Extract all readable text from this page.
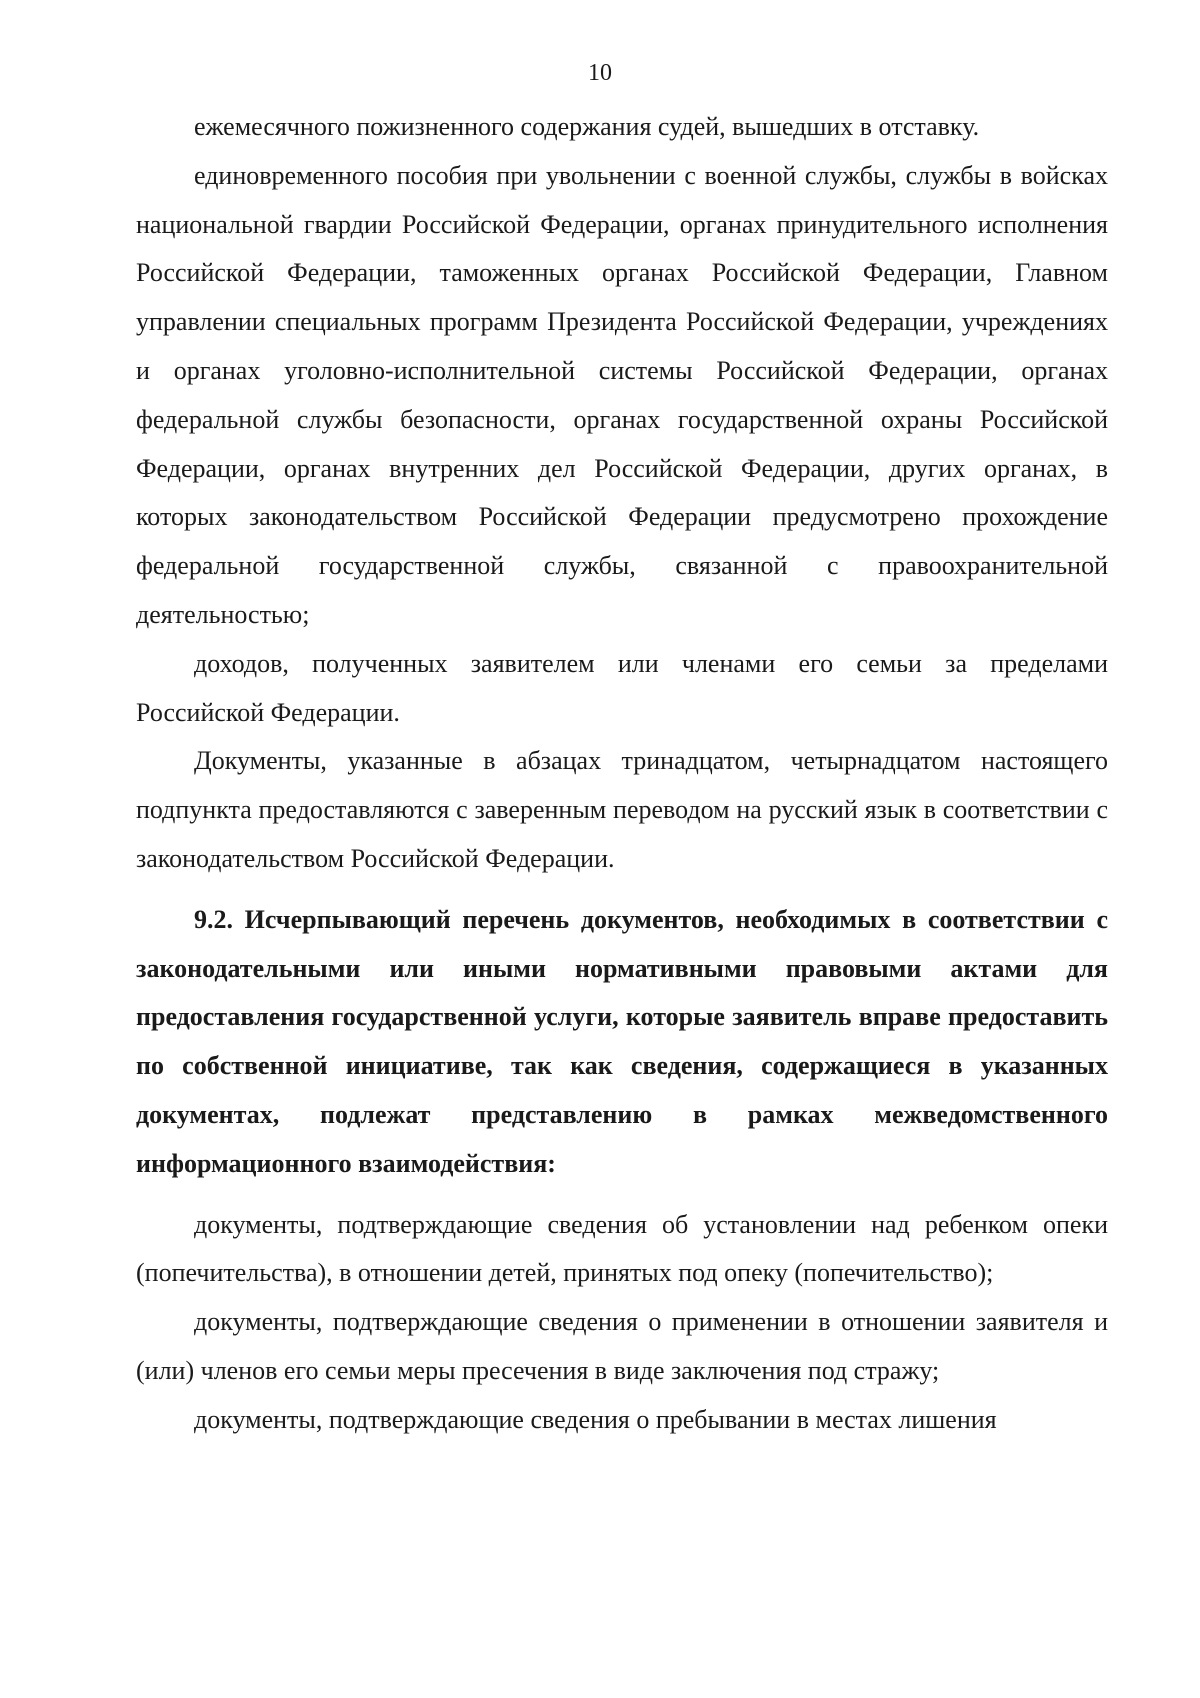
10

ежемесячного пожизненного содержания судей, вышедших в отставку.

единовременного пособия при увольнении с военной службы, службы в войсках национальной гвардии Российской Федерации, органах принудительного исполнения Российской Федерации, таможенных органах Российской Федерации, Главном управлении специальных программ Президента Российской Федерации, учреждениях и органах уголовно-исполнительной системы Российской Федерации, органах федеральной службы безопасности, органах государственной охраны Российской Федерации, органах внутренних дел Российской Федерации, других органах, в которых законодательством Российской Федерации предусмотрено прохождение федеральной государственной службы, связанной с правоохранительной деятельностью;

доходов, полученных заявителем или членами его семьи за пределами Российской Федерации.

Документы, указанные в абзацах тринадцатом, четырнадцатом настоящего подпункта предоставляются с заверенным переводом на русский язык в соответствии с законодательством Российской Федерации.

9.2. Исчерпывающий перечень документов, необходимых в соответствии с законодательными или иными нормативными правовыми актами для предоставления государственной услуги, которые заявитель вправе предоставить по собственной инициативе, так как сведения, содержащиеся в указанных документах, подлежат представлению в рамках межведомственного информационного взаимодействия:

документы, подтверждающие сведения об установлении над ребенком опеки (попечительства), в отношении детей, принятых под опеку (попечительство);

документы, подтверждающие сведения о применении в отношении заявителя и (или) членов его семьи меры пресечения в виде заключения под стражу;

документы, подтверждающие сведения о пребывании в местах лишения
